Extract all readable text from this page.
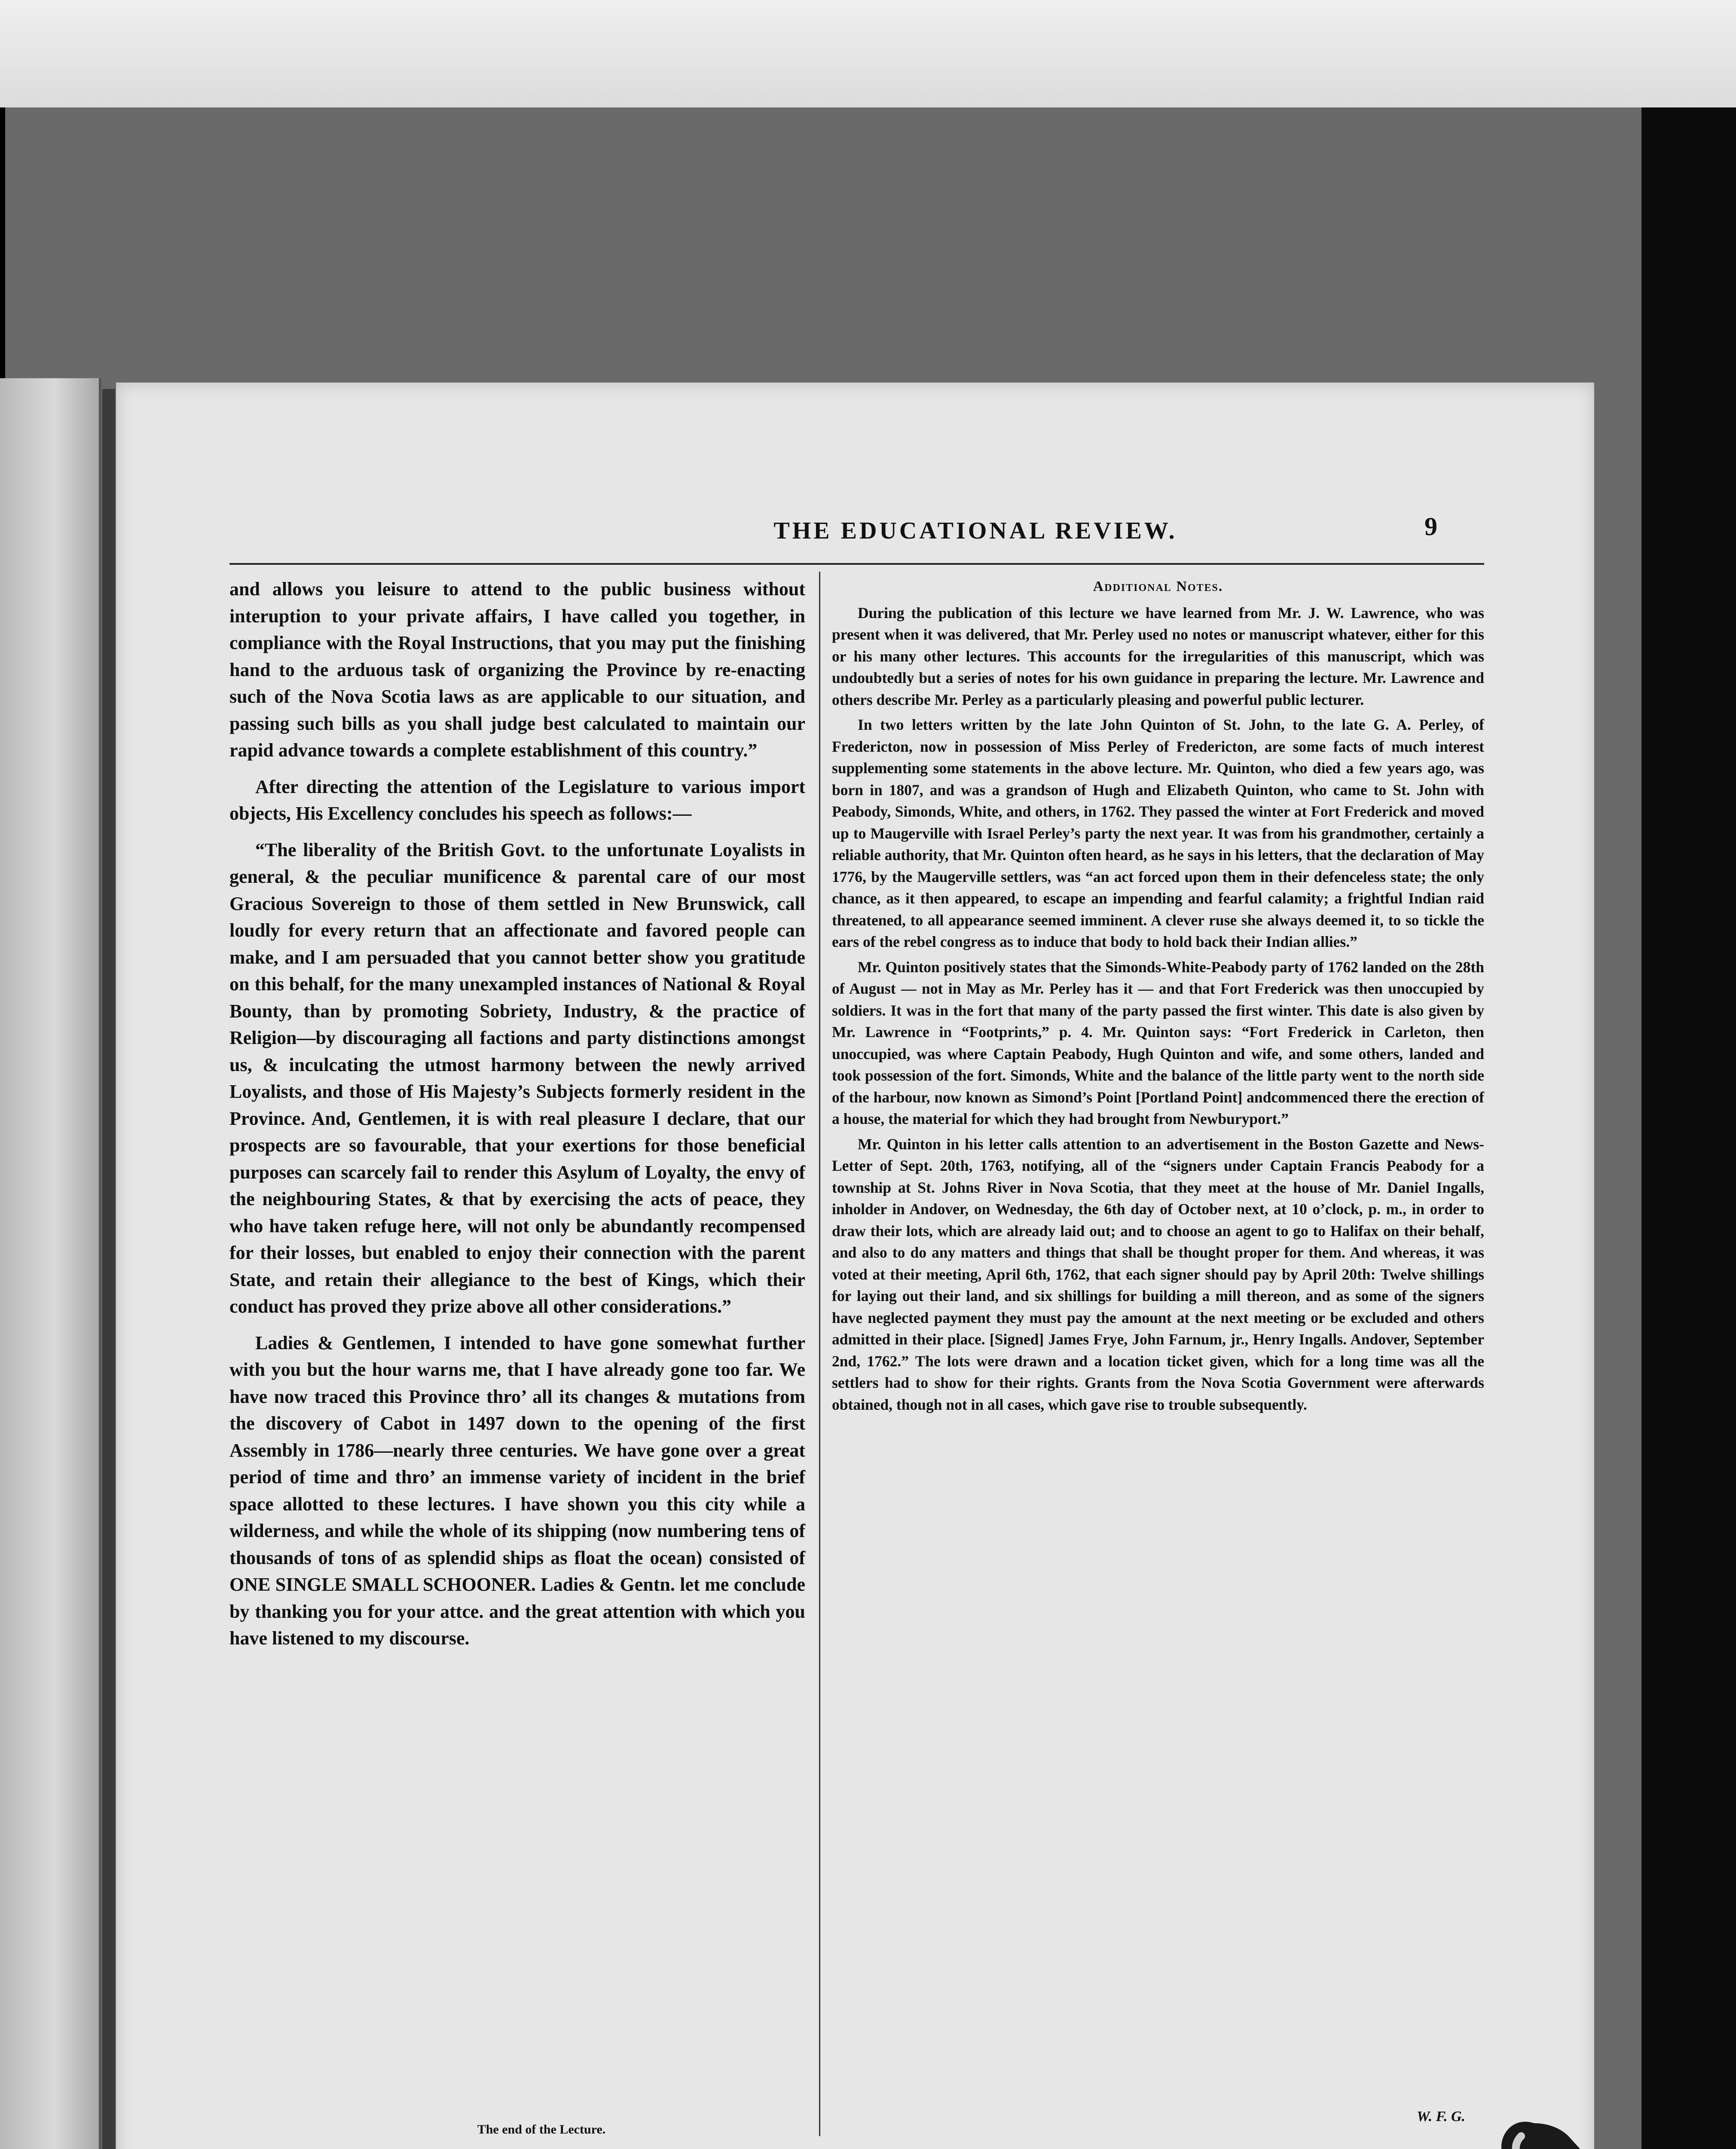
THE EDUCATIONAL REVIEW.	9

and allows you leisure to attend to the public business without interuption to your private affairs, I have called you together, in compliance with the Royal Instructions, that you may put the finishing hand to the arduous task of organizing the Province by re-enacting such of the Nova Scotia laws as are applicable to our situation, and passing such bills as you shall judge best calculated to maintain our rapid advance towards a complete establishment of this country.”

After directing the attention of the Legislature to various import objects, His Excellency concludes his speech as follows:—

“The liberality of the British Govt. to the unfortunate Loyalists in general, & the peculiar munificence & parental care of our most Gracious Sovereign to those of them settled in New Brunswick, call loudly for every return that an affectionate and favored people can make, and I am persuaded that you cannot better show you gratitude on this behalf, for the many unexampled instances of National & Royal Bounty, than by promoting Sobriety, Industry, & the practice of Religion—by discouraging all factions and party distinctions amongst us, & inculcating the utmost harmony between the newly arrived Loyalists, and those of His Majesty’s Subjects formerly resident in the Province. And, Gentlemen, it is with real pleasure I declare, that our prospects are so favourable, that your exertions for those beneficial purposes can scarcely fail to render this Asylum of Loyalty, the envy of the neighbouring States, & that by exercising the acts of peace, they who have taken refuge here, will not only be abundantly recompensed for their losses, but enabled to enjoy their connection with the parent State, and retain their allegiance to the best of Kings, which their conduct has proved they prize above all other considerations.”

Ladies & Gentlemen, I intended to have gone somewhat further with you but the hour warns me, that I have already gone too far. We have now traced this Province thro’ all its changes & mutations from the discovery of Cabot in 1497 down to the opening of the first Assembly in 1786—nearly three centuries. We have gone over a great period of time and thro’ an immense variety of incident in the brief space allotted to these lectures. I have shown you this city while a wilderness, and while the whole of its shipping (now numbering tens of thousands of tons of as splendid ships as float the ocean) consisted of ONE SINGLE SMALL SCHOONER. Ladies & Gentn. let me conclude by thanking you for your attce. and the great attention with which you have listened to my discourse.

The end of the Lecture.
Additional Notes.

During the publication of this lecture we have learned from Mr. J. W. Lawrence, who was present when it was delivered, that Mr. Perley used no notes or manuscript whatever, either for this or his many other lectures. This accounts for the irregularities of this manuscript, which was undoubtedly but a series of notes for his own guidance in preparing the lecture. Mr. Lawrence and others describe Mr. Perley as a particularly pleasing and powerful public lecturer.

In two letters written by the late John Quinton of St. John, to the late G. A. Perley, of Fredericton, now in possession of Miss Perley of Fredericton, are some facts of much interest supplementing some statements in the above lecture. Mr. Quinton, who died a few years ago, was born in 1807, and was a grandson of Hugh and Elizabeth Quinton, who came to St. John with Peabody, Simonds, White, and others, in 1762. They passed the winter at Fort Frederick and moved up to Maugerville with Israel Perley’s party the next year. It was from his grandmother, certainly a reliable authority, that Mr. Quinton often heard, as he says in his letters, that the declaration of May 1776, by the Maugerville settlers, was “an act forced upon them in their defenceless state; the only chance, as it then appeared, to escape an impending and fearful calamity; a frightful Indian raid threatened, to all appearance seemed imminent. A clever ruse she always deemed it, to so tickle the ears of the rebel congress as to induce that body to hold back their Indian allies.”

Mr. Quinton positively states that the Simonds-White-Peabody party of 1762 landed on the 28th of August — not in May as Mr. Perley has it — and that Fort Frederick was then unoccupied by soldiers. It was in the fort that many of the party passed the first winter. This date is also given by Mr. Lawrence in “Footprints,” p. 4. Mr. Quinton says: “Fort Frederick in Carleton, then unoccupied, was where Captain Peabody, Hugh Quinton and wife, and some others, landed and took possession of the fort. Simonds, White and the balance of the little party went to the north side of the harbour, now known as Simond’s Point [Portland Point] andcommenced there the erection of a house, the material for which they had brought from Newburyport.”

Mr. Quinton in his letter calls attention to an advertisement in the Boston Gazette and News-Letter of Sept. 20th, 1763, notifying, all of the “signers under Captain Francis Peabody for a township at St. Johns River in Nova Scotia, that they meet at the house of Mr. Daniel Ingalls, inholder in Andover, on Wednesday, the 6th day of October next, at 10 o’clock, p. m., in order to draw their lots, which are already laid out; and to choose an agent to go to Halifax on their behalf, and also to do any matters and things that shall be thought proper for them. And whereas, it was voted at their meeting, April 6th, 1762, that each signer should pay by April 20th: Twelve shillings for laying out their land, and six shillings for building a mill thereon, and as some of the signers have neglected payment they must pay the amount at the next meeting or be excluded and others admitted in their place. [Signed] James Frye, John Farnum, jr., Henry Ingalls. Andover, September 2nd, 1762.” The lots were drawn and a location ticket given, which for a long time was all the settlers had to show for their rights. Grants from the Nova Scotia Government were afterwards obtained, though not in all cases, which gave rise to trouble subsequently.

W. F. G.
